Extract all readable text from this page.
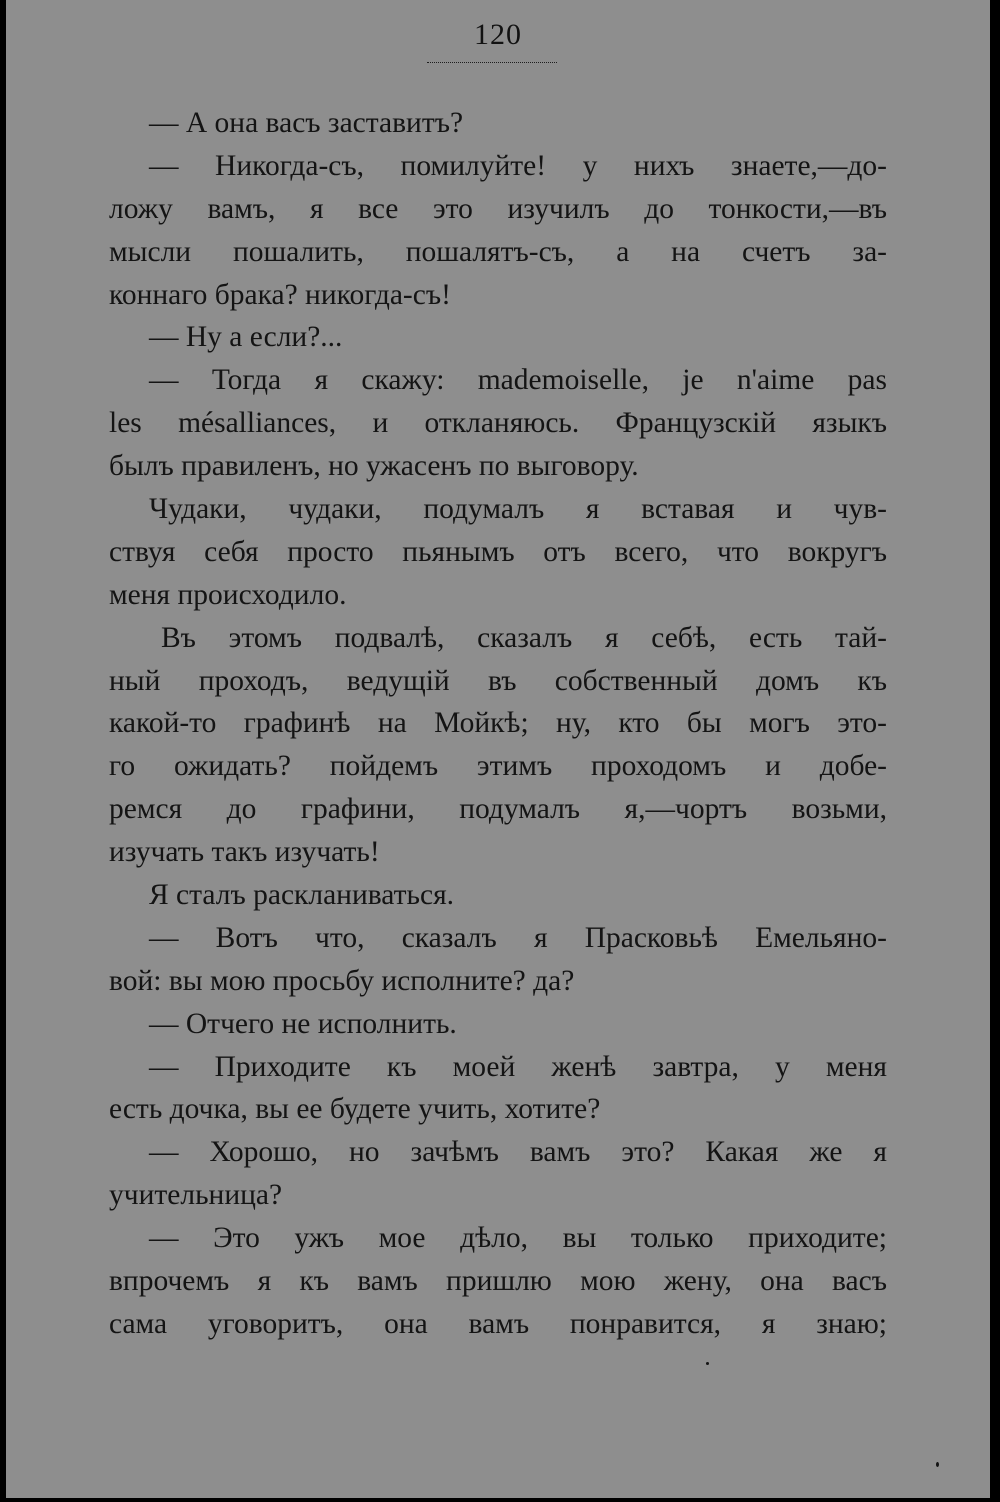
120
— А она васъ заставитъ?
— Никогда-съ, помилуйте! у нихъ знаете,—до-
ложу вамъ, я все это изучилъ до тонкости,—въ
мысли пошалить, пошалятъ-съ, а на счетъ за-
коннаго брака? никогда-съ!
— Ну а если?...
— Тогда я скажу: mademoiselle, je n'aime pas
les mésalliances, и откланяюсь. Французскій языкъ
былъ правиленъ, но ужасенъ по выговору.
Чудаки, чудаки, подумалъ я вставая и чув-
ствуя себя просто пьянымъ отъ всего, что вокругъ
меня происходило.
Въ этомъ подвалѣ, сказалъ я себѣ, есть тай-
ный проходъ, ведущій въ собственный домъ къ
какой-то графинѣ на Мойкѣ; ну, кто бы могъ это-
го ожидать? пойдемъ этимъ проходомъ и добе-
ремся до графини, подумалъ я,—чортъ возьми,
изучать такъ изучать!
Я сталъ раскланиваться.
— Вотъ что, сказалъ я Прасковьѣ Емельяно-
вой: вы мою просьбу исполните? да?
— Отчего не исполнить.
— Приходите къ моей женѣ завтра, у меня
есть дочка, вы ее будете учить, хотите?
— Хорошо, но зачѣмъ вамъ это? Какая же я
учительница?
— Это ужъ мое дѣло, вы только приходите;
впрочемъ я къ вамъ пришлю мою жену, она васъ
сама уговоритъ, она вамъ понравится, я знаю;
